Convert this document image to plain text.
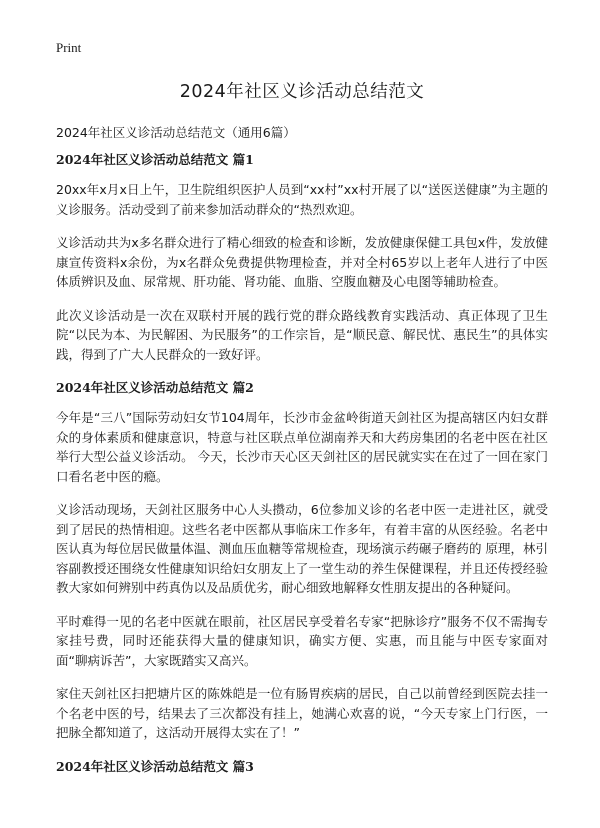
Print
2024年社区义诊活动总结范文
2024年社区义诊活动总结范文（通用6篇）
2024年社区义诊活动总结范文 篇1

20xx年x月x日上午，卫生院组织医护人员到“xx村”xx村开展了以“送医送健康”为主题的义诊服务。活动受到了前来参加活动群众的“热烈欢迎。

义诊活动共为x多名群众进行了精心细致的检查和诊断，发放健康保健工具包x件，发放健康宣传资料x余份，为x名群众免费提供物理检查，并对全村65岁以上老年人进行了中医体质辨识及血、尿常规、肝功能、肾功能、血脂、空腹血糖及心电图等辅助检查。

此次义诊活动是一次在双联村开展的践行党的群众路线教育实践活动、真正体现了卫生院“以民为本、为民解困、为民服务”的工作宗旨，是“顺民意、解民忧、惠民生”的具体实践，得到了广大人民群众的一致好评。

2024年社区义诊活动总结范文 篇2

今年是“三八”国际劳动妇女节104周年，长沙市金盆岭街道天剑社区为提高辖区内妇女群众的身体素质和健康意识，特意与社区联点单位湖南养天和大药房集团的名老中医在社区举行大型公益义诊活动。 今天，长沙市天心区天剑社区的居民就实实在在过了一回在家门口看名老中医的瘾。

义诊活动现场，天剑社区服务中心人头攒动，6位参加义诊的名老中医一走进社区，就受到了居民的热情相迎。这些名老中医都从事临床工作多年，有着丰富的从医经验。名老中医认真为每位居民做量体温、测血压血糖等常规检查，现场演示药碾子磨药的 原理，林引容副教授还围绕女性健康知识给妇女朋友上了一堂生动的养生保健课程，并且还传授经验教大家如何辨别中药真伪以及品质优劣，耐心细致地解释女性朋友提出的各种疑问。

平时难得一见的名老中医就在眼前，社区居民享受着名专家“把脉诊疗”服务不仅不需掏专家挂号费，同时还能获得大量的健康知识，确实方便、实惠，而且能与中医专家面对面“聊病诉苦”，大家既踏实又高兴。

家住天剑社区扫把塘片区的陈姝皑是一位有肠胃疾病的居民，自己以前曾经到医院去挂一个名老中医的号，结果去了三次都没有挂上，她满心欢喜的说，“今天专家上门行医，一把脉全都知道了，这活动开展得太实在了！”

2024年社区义诊活动总结范文 篇3
